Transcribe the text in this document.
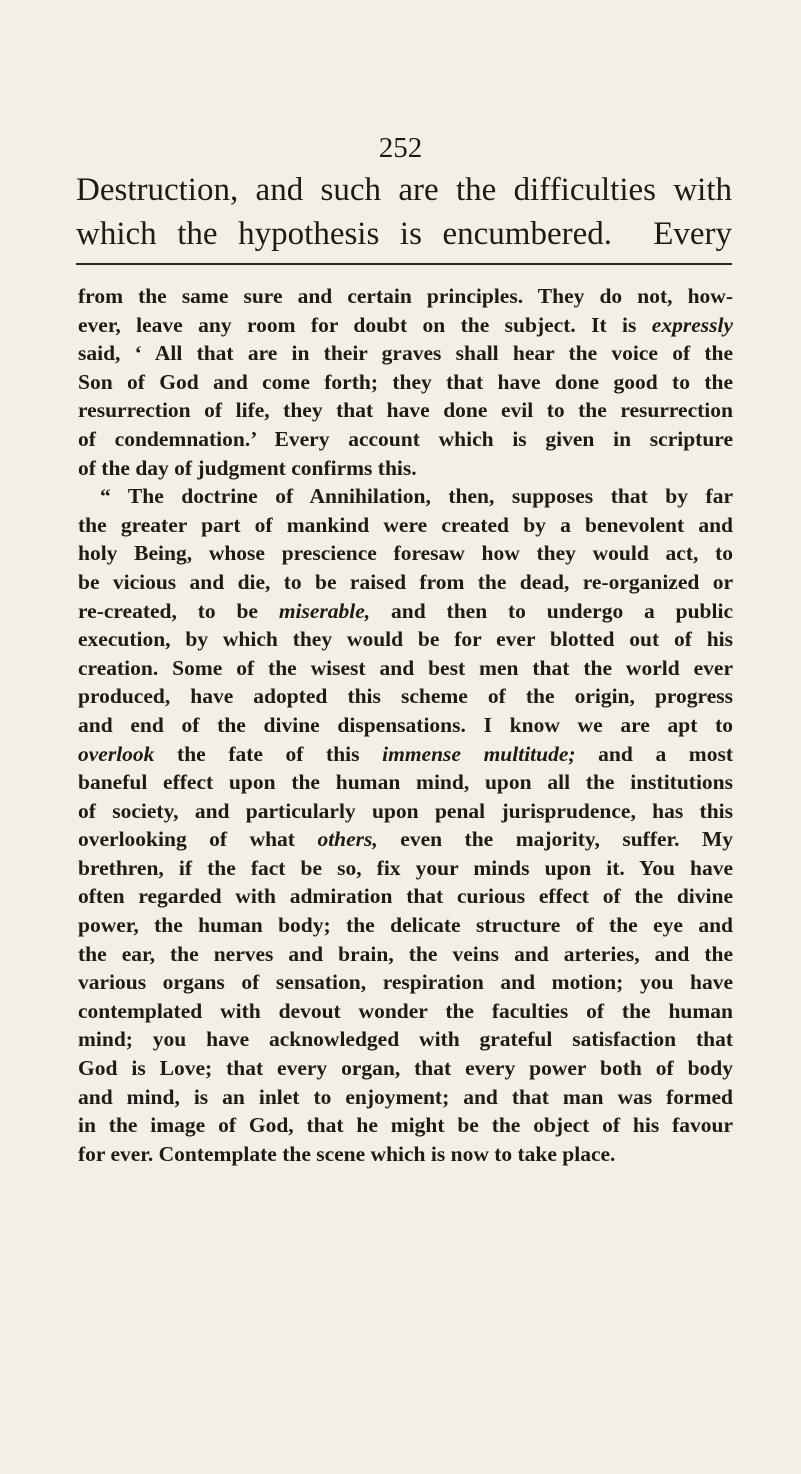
252
Destruction, and such are the difficulties with
which the hypothesis is encumbered.  Every
from the same sure and certain principles. They do not, how-
ever, leave any room for doubt on the subject. It is expressly
said, ‘ All that are in their graves shall hear the voice of the
Son of God and come forth; they that have done good to the
resurrection of life, they that have done evil to the resurrection
of condemnation.’ Every account which is given in scripture
of the day of judgment confirms this.
“ The doctrine of Annihilation, then, supposes that by far
the greater part of mankind were created by a benevolent and
holy Being, whose prescience foresaw how they would act, to
be vicious and die, to be raised from the dead, re-organized or
re-created, to be miserable, and then to undergo a public
execution, by which they would be for ever blotted out of his
creation. Some of the wisest and best men that the world ever
produced, have adopted this scheme of the origin, progress
and end of the divine dispensations. I know we are apt to
overlook the fate of this immense multitude; and a most
baneful effect upon the human mind, upon all the institutions
of society, and particularly upon penal jurisprudence, has this
overlooking of what others, even the majority, suffer. My
brethren, if the fact be so, fix your minds upon it. You have
often regarded with admiration that curious effect of the divine
power, the human body; the delicate structure of the eye and
the ear, the nerves and brain, the veins and arteries, and the
various organs of sensation, respiration and motion; you have
contemplated with devout wonder the faculties of the human
mind; you have acknowledged with grateful satisfaction that
God is Love; that every organ, that every power both of body
and mind, is an inlet to enjoyment; and that man was formed
in the image of God, that he might be the object of his favour
for ever. Contemplate the scene which is now to take place.
